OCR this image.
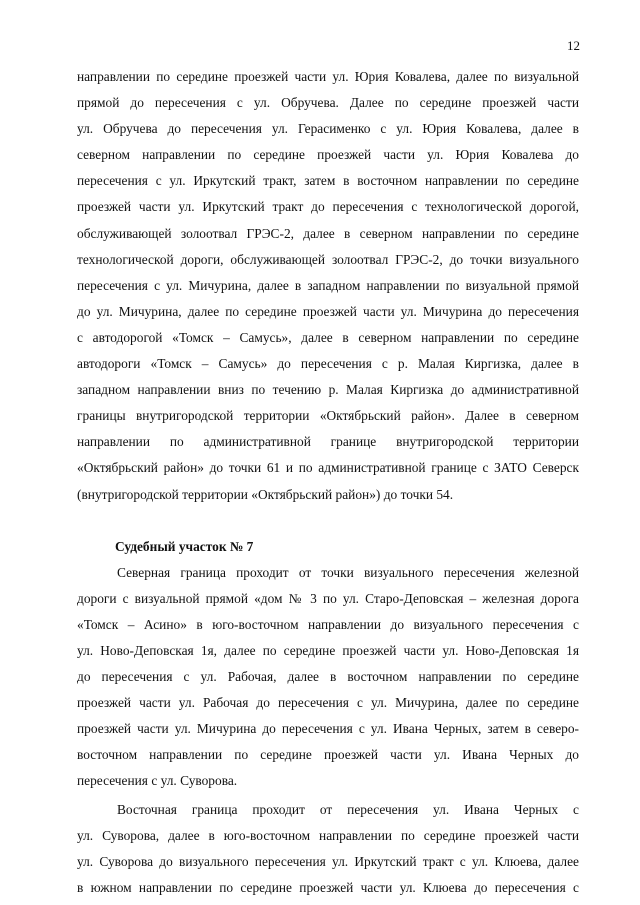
12
направлении по середине проезжей части ул. Юрия Ковалева, далее по визуальной
прямой до пересечения с ул. Обручева. Далее по середине проезжей части
ул. Обручева до пересечения ул. Герасименко с ул. Юрия Ковалева, далее в
северном направлении по середине проезжей части ул. Юрия Ковалева до
пересечения с ул. Иркутский тракт, затем в восточном направлении по середине
проезжей части ул. Иркутский тракт до пересечения с технологической дорогой,
обслуживающей золоотвал ГРЭС-2, далее в северном направлении по середине
технологической дороги, обслуживающей золоотвал ГРЭС-2, до точки визуального
пересечения с ул. Мичурина, далее в западном направлении по визуальной прямой
до ул. Мичурина, далее по середине проезжей части ул. Мичурина до пересечения
с автодорогой «Томск – Самусь», далее в северном направлении по середине
автодороги «Томск – Самусь» до пересечения с р. Малая Киргизка, далее в
западном направлении вниз по течению р. Малая Киргизка до административной
границы внутригородской территории «Октябрьский район». Далее в северном
направлении по административной границе внутригородской территории
«Октябрьский район» до точки 61 и по административной границе с ЗАТО Северск
(внутригородской территории «Октябрьский район») до точки 54.
Судебный участок № 7
Северная граница проходит от точки визуального пересечения железной
дороги с визуальной прямой «дом № 3 по ул. Старо-Деповская – железная дорога
«Томск – Асино» в юго-восточном направлении до визуального пересечения с
ул. Ново-Деповская 1я, далее по середине проезжей части ул. Ново-Деповская 1я
до пересечения с ул. Рабочая, далее в восточном направлении по середине
проезжей части ул. Рабочая до пересечения с ул. Мичурина, далее по середине
проезжей части ул. Мичурина до пересечения с ул. Ивана Черных, затем в северо-
восточном направлении по середине проезжей части ул. Ивана Черных до
пересечения с ул. Суворова.
Восточная граница проходит от пересечения ул. Ивана Черных с
ул. Суворова, далее в юго-восточном направлении по середине проезжей части
ул. Суворова до визуального пересечения ул. Иркутский тракт с ул. Клюева, далее
в южном направлении по середине проезжей части ул. Клюева до пересечения с
